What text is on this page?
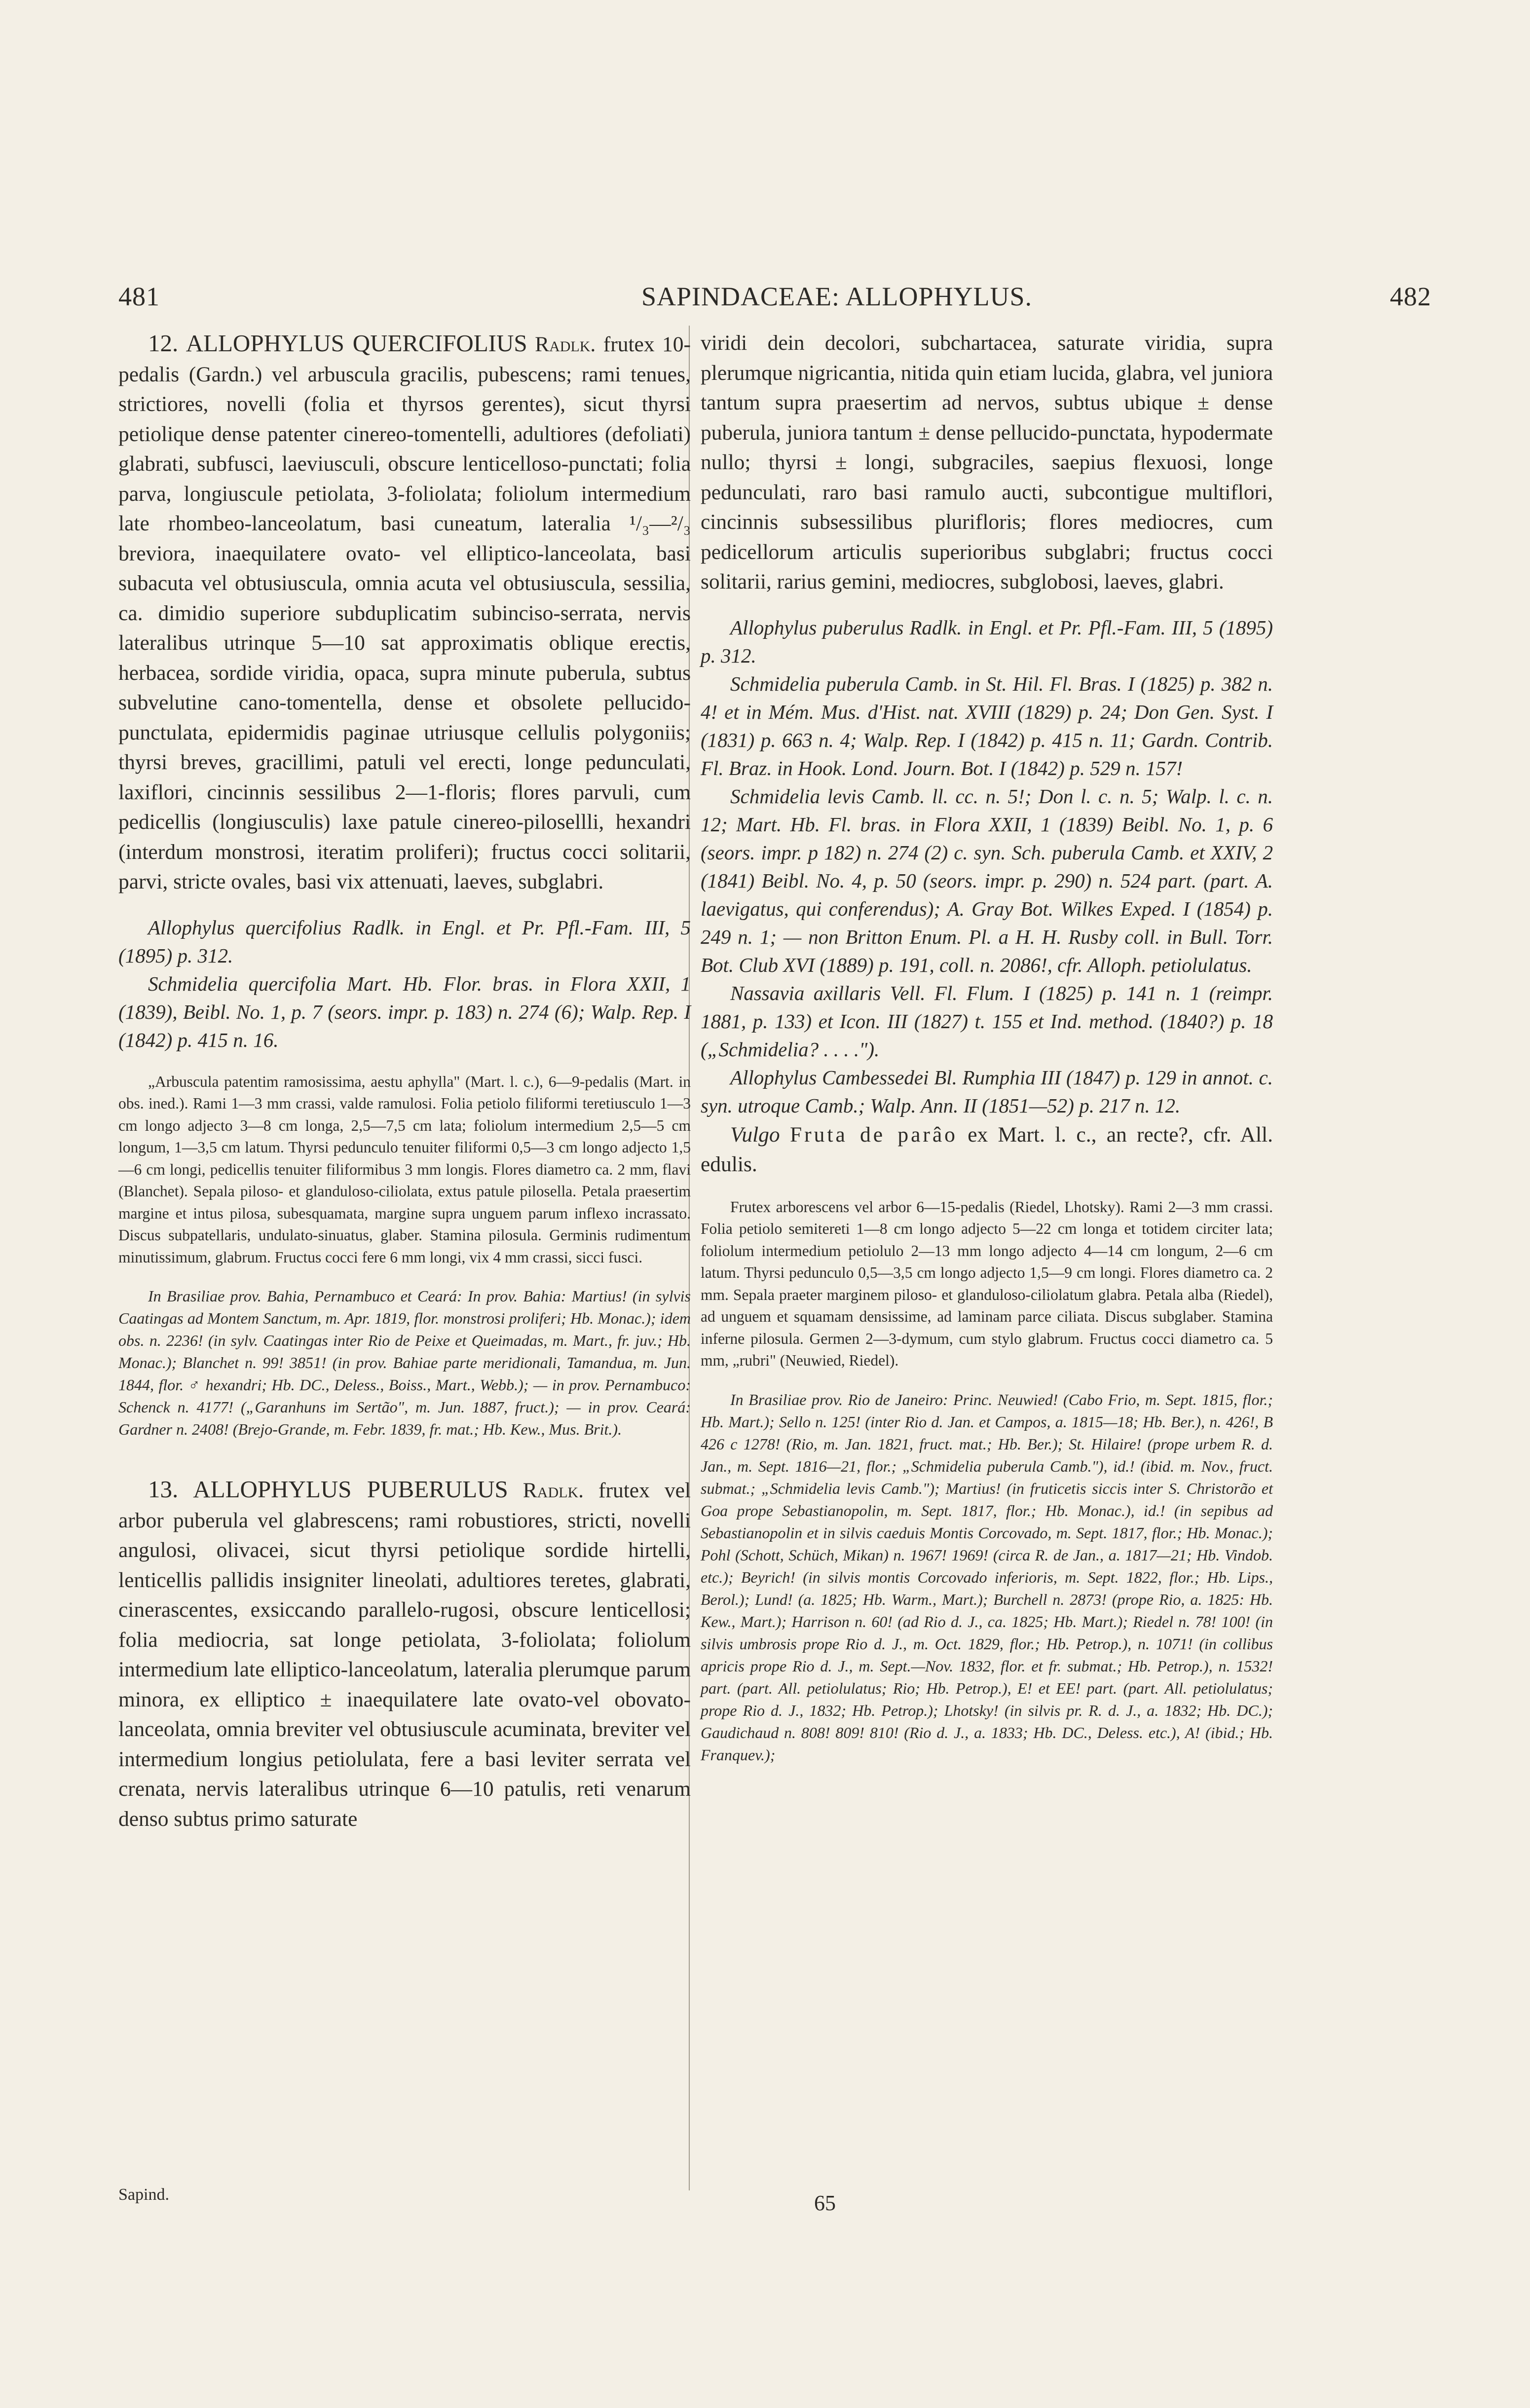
481	SAPINDACEAE: ALLOPHYLUS.	482

12. ALLOPHYLUS QUERCIFOLIUS Radlk. frutex 10-pedalis (Gardn.) vel arbuscula gracilis, pubescens; rami tenues, strictiores, novelli (folia et thyrsos gerentes), sicut thyrsi petiolique dense patenter cinereo-tomentelli, adultiores (defoliati) glabrati, subfusci, laeviusculi, obscure lenticelloso-punctati; folia parva, longiuscule petiolata, 3-foliolata; foliolum intermedium late rhombeo-lanceolatum, basi cuneatum, lateralia ¹/₃—²/₃ breviora, inaequilatere ovato- vel elliptico-lanceolata, basi subacuta vel obtusiuscula, omnia acuta vel obtusiuscula, sessilia, ca. dimidio superiore subduplicatim subinciso-serrata, nervis lateralibus utrinque 5—10 sat approximatis oblique erectis, herbacea, sordide viridia, opaca, supra minute puberula, subtus subvelutine cano-tomentella, dense et obsolete pellucido-punctulata, epidermidis paginae utriusque cellulis polygoniis; thyrsi breves, gracillimi, patuli vel erecti, longe pedunculati, laxiflori, cincinnis sessilibus 2—1-floris; flores parvuli, cum pedicellis (longiusculis) laxe patule cinereo-pilosellli, hexandri (interdum monstrosi, iteratim proliferi); fructus cocci solitarii, parvi, stricte ovales, basi vix attenuati, laeves, subglabri.

Allophylus quercifolius Radlk. in Engl. et Pr. Pfl.-Fam. III, 5 (1895) p. 312.

Schmidelia quercifolia Mart. Hb. Flor. bras. in Flora XXII, 1 (1839), Beibl. No. 1, p. 7 (seors. impr. p. 183) n. 274 (6); Walp. Rep. I (1842) p. 415 n. 16.

„Arbuscula patentim ramosissima, aestu aphylla" (Mart. l. c.), 6—9-pedalis (Mart. in obs. ined.). Rami 1—3 mm crassi, valde ramulosi. Folia petiolo filiformi teretiusculo 1—3 cm longo adjecto 3—8 cm longa, 2,5—7,5 cm lata; foliolum intermedium 2,5—5 cm longum, 1—3,5 cm latum. Thyrsi pedunculo tenuiter filiformi 0,5—3 cm longo adjecto 1,5—6 cm longi, pedicellis tenuiter filiformibus 3 mm longis. Flores diametro ca. 2 mm, flavi (Blanchet). Sepala piloso- et glanduloso-ciliolata, extus patule pilosella. Petala praesertim margine et intus pilosa, subesquamata, margine supra unguem parum inflexo incrassato. Discus subpatellaris, undulato-sinuatus, glaber. Stamina pilosula. Germinis rudimentum minutissimum, glabrum. Fructus cocci fere 6 mm longi, vix 4 mm crassi, sicci fusci.

In Brasiliae prov. Bahia, Pernambuco et Ceará: In prov. Bahia: Martius! (in sylvis Caatingas ad Montem Sanctum, m. Apr. 1819, flor. monstrosi proliferi; Hb. Monac.); idem obs. n. 2236! (in sylv. Caatingas inter Rio de Peixe et Queimadas, m. Mart., fr. juv.; Hb. Monac.); Blanchet n. 99! 3851! (in prov. Bahiae parte meridionali, Tamandua, m. Jun. 1844, flor. ♂ hexandri; Hb. DC., Deless., Boiss., Mart., Webb.); — in prov. Pernambuco: Schenck n. 4177! („Garanhuns im Sertão", m. Jun. 1887, fruct.); — in prov. Ceará: Gardner n. 2408! (Brejo-Grande, m. Febr. 1839, fr. mat.; Hb. Kew., Mus. Brit.).

13. ALLOPHYLUS PUBERULUS Radlk. frutex vel arbor puberula vel glabrescens; rami robustiores, stricti, novelli angulosi, olivacei, sicut thyrsi petiolique sordide hirtelli, lenticellis pallidis insigniter lineolati, adultiores teretes, glabrati, cinerascentes, exsiccando parallelo-rugosi, obscure lenticellosi; folia mediocria, sat longe petiolata, 3-foliolata; foliolum intermedium late elliptico-lanceolatum, lateralia plerumque parum minora, ex elliptico ± inaequilatere late ovato-vel obovato-lanceolata, omnia breviter vel obtusiuscule acuminata, breviter vel intermedium longius petiolulata, fere a basi leviter serrata vel crenata, nervis lateralibus utrinque 6—10 patulis, reti venarum denso subtus primo saturate

viridi dein decolori, subchartacea, saturate viridia, supra plerumque nigricantia, nitida quin etiam lucida, glabra, vel juniora tantum supra praesertim ad nervos, subtus ubique ± dense puberula, juniora tantum ± dense pellucido-punctata, hypodermate nullo; thyrsi ± longi, subgraciles, saepius flexuosi, longe pedunculati, raro basi ramulo aucti, subcontigue multiflori, cincinnis subsessilibus plurifloris; flores mediocres, cum pedicellorum articulis superioribus subglabri; fructus cocci solitarii, rarius gemini, mediocres, subglobosi, laeves, glabri.

Allophylus puberulus Radlk. in Engl. et Pr. Pfl.-Fam. III, 5 (1895) p. 312.

Schmidelia puberula Camb. in St. Hil. Fl. Bras. I (1825) p. 382 n. 4! et in Mém. Mus. d'Hist. nat. XVIII (1829) p. 24; Don Gen. Syst. I (1831) p. 663 n. 4; Walp. Rep. I (1842) p. 415 n. 11; Gardn. Contrib. Fl. Braz. in Hook. Lond. Journ. Bot. I (1842) p. 529 n. 157!

Schmidelia levis Camb. ll. cc. n. 5!; Don l. c. n. 5; Walp. l. c. n. 12; Mart. Hb. Fl. bras. in Flora XXII, 1 (1839) Beibl. No. 1, p. 6 (seors. impr. p 182) n. 274 (2) c. syn. Sch. puberula Camb. et XXIV, 2 (1841) Beibl. No. 4, p. 50 (seors. impr. p. 290) n. 524 part. (part. A. laevigatus, qui conferendus); A. Gray Bot. Wilkes Exped. I (1854) p. 249 n. 1; — non Britton Enum. Pl. a H. H. Rusby coll. in Bull. Torr. Bot. Club XVI (1889) p. 191, coll. n. 2086!, cfr. Alloph. petiolulatus.

Nassavia axillaris Vell. Fl. Flum. I (1825) p. 141 n. 1 (reimpr. 1881, p. 133) et Icon. III (1827) t. 155 et Ind. method. (1840?) p. 18 („Schmidelia? . . . .").

Allophylus Cambessedei Bl. Rumphia III (1847) p. 129 in annot. c. syn. utroque Camb.; Walp. Ann. II (1851—52) p. 217 n. 12.

Vulgo Fruta de parâo ex Mart. l. c., an recte?, cfr. All. edulis.

Frutex arborescens vel arbor 6—15-pedalis (Riedel, Lhotsky). Rami 2—3 mm crassi. Folia petiolo semitereti 1—8 cm longo adjecto 5—22 cm longa et totidem circiter lata; foliolum intermedium petiolulo 2—13 mm longo adjecto 4—14 cm longum, 2—6 cm latum. Thyrsi pedunculo 0,5—3,5 cm longo adjecto 1,5—9 cm longi. Flores diametro ca. 2 mm. Sepala praeter marginem piloso- et glanduloso-ciliolatum glabra. Petala alba (Riedel), ad unguem et squamam densissime, ad laminam parce ciliata. Discus subglaber. Stamina inferne pilosula. Germen 2—3-dymum, cum stylo glabrum. Fructus cocci diametro ca. 5 mm, „rubri" (Neuwied, Riedel).

In Brasiliae prov. Rio de Janeiro: Princ. Neuwied! (Cabo Frio, m. Sept. 1815, flor.; Hb. Mart.); Sello n. 125! (inter Rio d. Jan. et Campos, a. 1815—18; Hb. Ber.), n. 426!, B 426 c 1278! (Rio, m. Jan. 1821, fruct. mat.; Hb. Ber.); St. Hilaire! (prope urbem R. d. Jan., m. Sept. 1816—21, flor.; „Schmidelia puberula Camb."), id.! (ibid. m. Nov., fruct. submat.; „Schmidelia levis Camb."); Martius! (in fruticetis siccis inter S. Christorão et Goa prope Sebastianopolin, m. Sept. 1817, flor.; Hb. Monac.), id.! (in sepibus ad Sebastianopolin et in silvis caeduis Montis Corcovado, m. Sept. 1817, flor.; Hb. Monac.); Pohl (Schott, Schüch, Mikan) n. 1967! 1969! (circa R. de Jan., a. 1817—21; Hb. Vindob. etc.); Beyrich! (in silvis montis Corcovado inferioris, m. Sept. 1822, flor.; Hb. Lips., Berol.); Lund! (a. 1825; Hb. Warm., Mart.); Burchell n. 2873! (prope Rio, a. 1825: Hb. Kew., Mart.); Harrison n. 60! (ad Rio d. J., ca. 1825; Hb. Mart.); Riedel n. 78! 100! (in silvis umbrosis prope Rio d. J., m. Oct. 1829, flor.; Hb. Petrop.), n. 1071! (in collibus apricis prope Rio d. J., m. Sept.—Nov. 1832, flor. et fr. submat.; Hb. Petrop.), n. 1532! part. (part. All. petiolulatus; Rio; Hb. Petrop.), E! et EE! part. (part. All. petiolulatus; prope Rio d. J., 1832; Hb. Petrop.); Lhotsky! (in silvis pr. R. d. J., a. 1832; Hb. DC.); Gaudichaud n. 808! 809! 810! (Rio d. J., a. 1833; Hb. DC., Deless. etc.), A! (ibid.; Hb. Franquev.);

Sapind.	65
